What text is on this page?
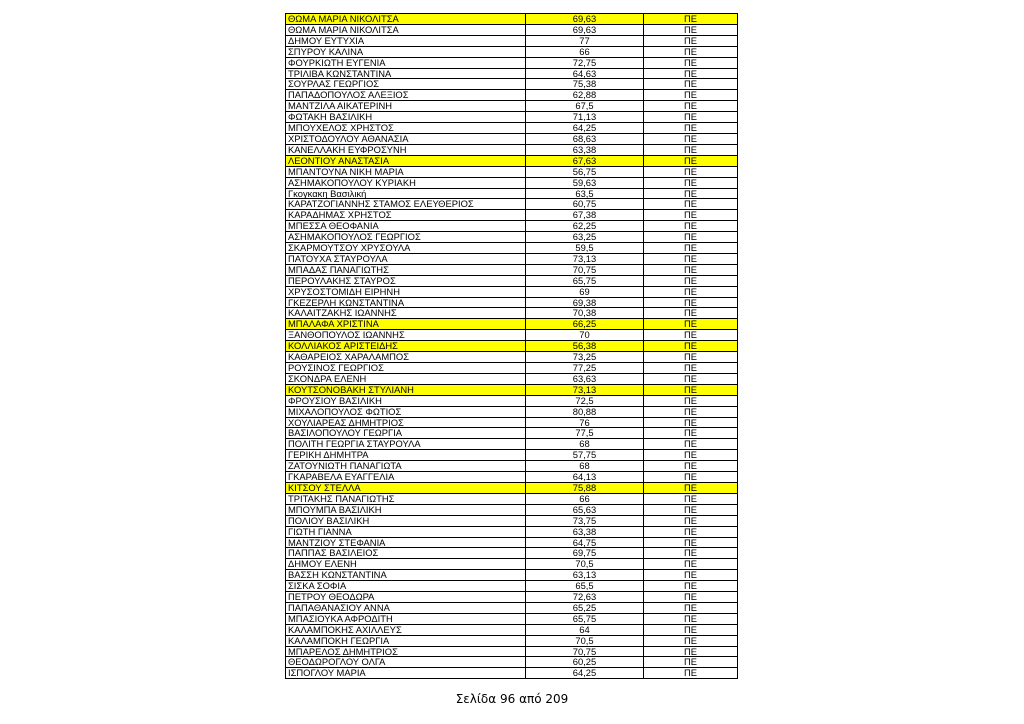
ΘΩΜΑ ΜΑΡΙΑ ΝΙΚΟΛΙΤΣΑ	69,63	ΠΕ
ΘΩΜΑ ΜΑΡΙΑ ΝΙΚΟΛΙΤΣΑ	69,63	ΠΕ
ΔΗΜΟΥ ΕΥΤΥΧΙΑ	77	ΠΕ
ΣΠΥΡΟΥ ΚΑΛΙΝΑ	66	ΠΕ
ΦΟΥΡΚΙΩΤΗ ΕΥΓΕΝΙΑ	72,75	ΠΕ
ΤΡΙΛΙΒΑ ΚΩΝΣΤΑΝΤΙΝΑ	64,63	ΠΕ
ΣΟΥΡΛΑΣ ΓΕΩΡΓΙΟΣ	75,38	ΠΕ
ΠΑΠΑΔΟΠΟΥΛΟΣ ΑΛΕΞΙΟΣ	62,88	ΠΕ
ΜΑΝΤΖΙΛΑ ΑΙΚΑΤΕΡΙΝΗ	67,5	ΠΕ
ΦΩΤΑΚΗ ΒΑΣΙΛΙΚΗ	71,13	ΠΕ
ΜΠΟΥΧΕΛΟΣ ΧΡΗΣΤΟΣ	64,25	ΠΕ
ΧΡΙΣΤΟΔΟΥΛΟΥ ΑΘΑΝΑΣΙΑ	68,63	ΠΕ
ΚΑΝΕΛΛΑΚΗ ΕΥΦΡΟΣΥΝΗ	63,38	ΠΕ
ΛΕΟΝΤΙΟΥ ΑΝΑΣΤΑΣΙΑ	67,63	ΠΕ
ΜΠΑΝΤΟΥΝΑ ΝΙΚΗ ΜΑΡΙΑ	56,75	ΠΕ
ΑΣΗΜΑΚΟΠΟΥΛΟΥ ΚΥΡΙΑΚΗ	59,63	ΠΕ
Γκογκακη Βασιλική	63,5	ΠΕ
ΚΑΡΑΤΖΟΓΙΑΝΝΗΣ ΣΤΑΜΟΣ ΕΛΕΥΘΕΡΙΟΣ	60,75	ΠΕ
ΚΑΡΑΔΗΜΑΣ ΧΡΗΣΤΟΣ	67,38	ΠΕ
ΜΠΕΣΣΑ ΘΕΟΦΑΝΙΑ	62,25	ΠΕ
ΑΣΗΜΑΚΟΠΟΥΛΟΣ ΓΕΩΡΓΙΟΣ	63,25	ΠΕ
ΣΚΑΡΜΟΥΤΣΟΥ ΧΡΥΣΟΥΛΑ	59,5	ΠΕ
ΠΑΤΟΥΧΑ ΣΤΑΥΡΟΥΛΑ	73,13	ΠΕ
ΜΠΑΔΑΣ ΠΑΝΑΓΙΩΤΗΣ	70,75	ΠΕ
ΠΕΡΟΥΛΑΚΗΣ ΣΤΑΥΡΟΣ	65,75	ΠΕ
ΧΡΥΣΟΣΤΟΜΙΔΗ ΕΙΡΗΝΗ	69	ΠΕ
ΓΚΕΖΕΡΛΗ ΚΩΝΣΤΑΝΤΙΝΑ	69,38	ΠΕ
ΚΑΛΑΙΤΖΑΚΗΣ ΙΩΑΝΝΗΣ	70,38	ΠΕ
ΜΠΑΛΑΦΑ ΧΡΙΣΤΙΝΑ	66,25	ΠΕ
ΞΑΝΘΟΠΟΥΛΟΣ ΙΩΑΝΝΗΣ	70	ΠΕ
ΚΟΛΛΙΑΚΟΣ ΑΡΙΣΤΕΙΔΗΣ	56,38	ΠΕ
ΚΑΘΑΡΕΙΟΣ ΧΑΡΑΛΑΜΠΟΣ	73,25	ΠΕ
ΡΟΥΣΙΝΟΣ ΓΕΩΡΓΙΟΣ	77,25	ΠΕ
ΣΚΟΝΔΡΑ ΕΛΕΝΗ	63,63	ΠΕ
ΚΟΥΤΣΟΝΟΒΑΚΗ ΣΤΥΛΙΑΝΗ	73,13	ΠΕ
ΦΡΟΥΣΙΟΥ ΒΑΣΙΛΙΚΗ	72,5	ΠΕ
ΜΙΧΑΛΟΠΟΥΛΟΣ ΦΩΤΙΟΣ	80,88	ΠΕ
ΧΟΥΛΙΑΡΕΑΣ ΔΗΜΗΤΡΙΟΣ	76	ΠΕ
ΒΑΣΙΛΟΠΟΥΛΟΥ ΓΕΩΡΓΙΑ	77,5	ΠΕ
ΠΟΛΙΤΗ ΓΕΩΡΓΙΑ ΣΤΑΥΡΟΥΛΑ	68	ΠΕ
ΓΕΡΙΚΗ ΔΗΜΗΤΡΑ	57,75	ΠΕ
ΖΑΤΟΥΝΙΩΤΗ ΠΑΝΑΓΙΩΤΑ	68	ΠΕ
ΓΚΑΡΑΒΕΛΑ ΕΥΑΓΓΕΛΙΑ	64,13	ΠΕ
ΚΙΤΣΟΥ ΣΤΕΛΛΑ	75,88	ΠΕ
ΤΡΙΤΑΚΗΣ ΠΑΝΑΓΙΩΤΗΣ	66	ΠΕ
ΜΠΟΥΜΠΑ ΒΑΣΙΛΙΚΗ	65,63	ΠΕ
ΠΟΛΙΟΥ ΒΑΣΙΛΙΚΗ	73,75	ΠΕ
ΓΙΩΤΗ ΓΙΑΝΝΑ	63,38	ΠΕ
ΜΑΝΤΖΙΟΥ ΣΤΕΦΑΝΙΑ	64,75	ΠΕ
ΠΑΠΠΑΣ ΒΑΣΙΛΕΙΟΣ	69,75	ΠΕ
ΔΗΜΟΥ ΕΛΕΝΗ	70,5	ΠΕ
ΒΑΣΣΗ ΚΩΝΣΤΑΝΤΙΝΑ	63,13	ΠΕ
ΣΙΣΚΑ ΣΟΦΙΑ	65,5	ΠΕ
ΠΕΤΡΟΥ ΘΕΟΔΩΡΑ	72,63	ΠΕ
ΠΑΠΑΘΑΝΑΣΙΟΥ ΑΝΝΑ	65,25	ΠΕ
ΜΠΑΣΙΟΥΚΑ ΑΦΡΟΔΙΤΗ	65,75	ΠΕ
ΚΑΛΑΜΠΟΚΗΣ ΑΧΙΛΛΕΥΣ	64	ΠΕ
ΚΑΛΑΜΠΟΚΗ ΓΕΩΡΓΙΑ	70,5	ΠΕ
ΜΠΑΡΕΛΟΣ ΔΗΜΗΤΡΙΟΣ	70,75	ΠΕ
ΘΕΟΔΩΡΟΓΛΟΥ ΟΛΓΑ	60,25	ΠΕ
ΙΣΠΟΓΛΟΥ ΜΑΡΙΑ	64,25	ΠΕ
Σελίδα 96 από 209
